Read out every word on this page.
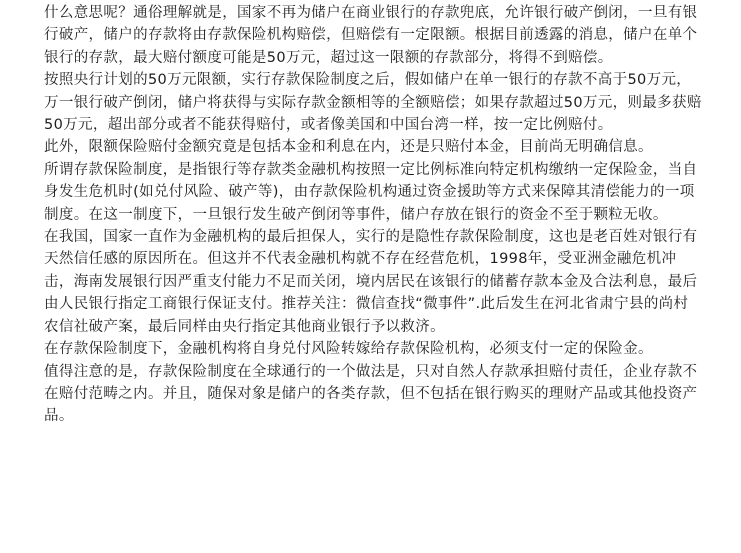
什么意思呢？通俗理解就是，国家不再为储户在商业银行的存款兜底，允许银行破产倒闭，一旦有银行破产，储户的存款将由存款保险机构赔偿，但赔偿有一定限额。根据目前透露的消息，储户在单个银行的存款，最大赔付额度可能是50万元，超过这一限额的存款部分，将得不到赔偿。

按照央行计划的50万元限额，实行存款保险制度之后，假如储户在单一银行的存款不高于50万元，万一银行破产倒闭，储户将获得与实际存款金额相等的全额赔偿；如果存款超过50万元，则最多获赔50万元，超出部分或者不能获得赔付，或者像美国和中国台湾一样，按一定比例赔付。

此外，限额保险赔付金额究竟是包括本金和利息在内，还是只赔付本金，目前尚无明确信息。

所谓存款保险制度，是指银行等存款类金融机构按照一定比例标准向特定机构缴纳一定保险金，当自身发生危机时(如兑付风险、破产等)，由存款保险机构通过资金援助等方式来保障其清偿能力的一项制度。在这一制度下，一旦银行发生破产倒闭等事件，储户存放在银行的资金不至于颗粒无收。

在我国，国家一直作为金融机构的最后担保人，实行的是隐性存款保险制度，这也是老百姓对银行有天然信任感的原因所在。但这并不代表金融机构就不存在经营危机，1998年，受亚洲金融危机冲击，海南发展银行因严重支付能力不足而关闭，境内居民在该银行的储蓄存款本金及合法利息，最后由人民银行指定工商银行保证支付。推荐关注：微信查找“微事件”.此后发生在河北省肃宁县的尚村农信社破产案，最后同样由央行指定其他商业银行予以救济。

在存款保险制度下，金融机构将自身兑付风险转嫁给存款保险机构，必须支付一定的保险金。

值得注意的是，存款保险制度在全球通行的一个做法是，只对自然人存款承担赔付责任，企业存款不在赔付范畴之内。并且，随保对象是储户的各类存款，但不包括在银行购买的理财产品或其他投资产品。
